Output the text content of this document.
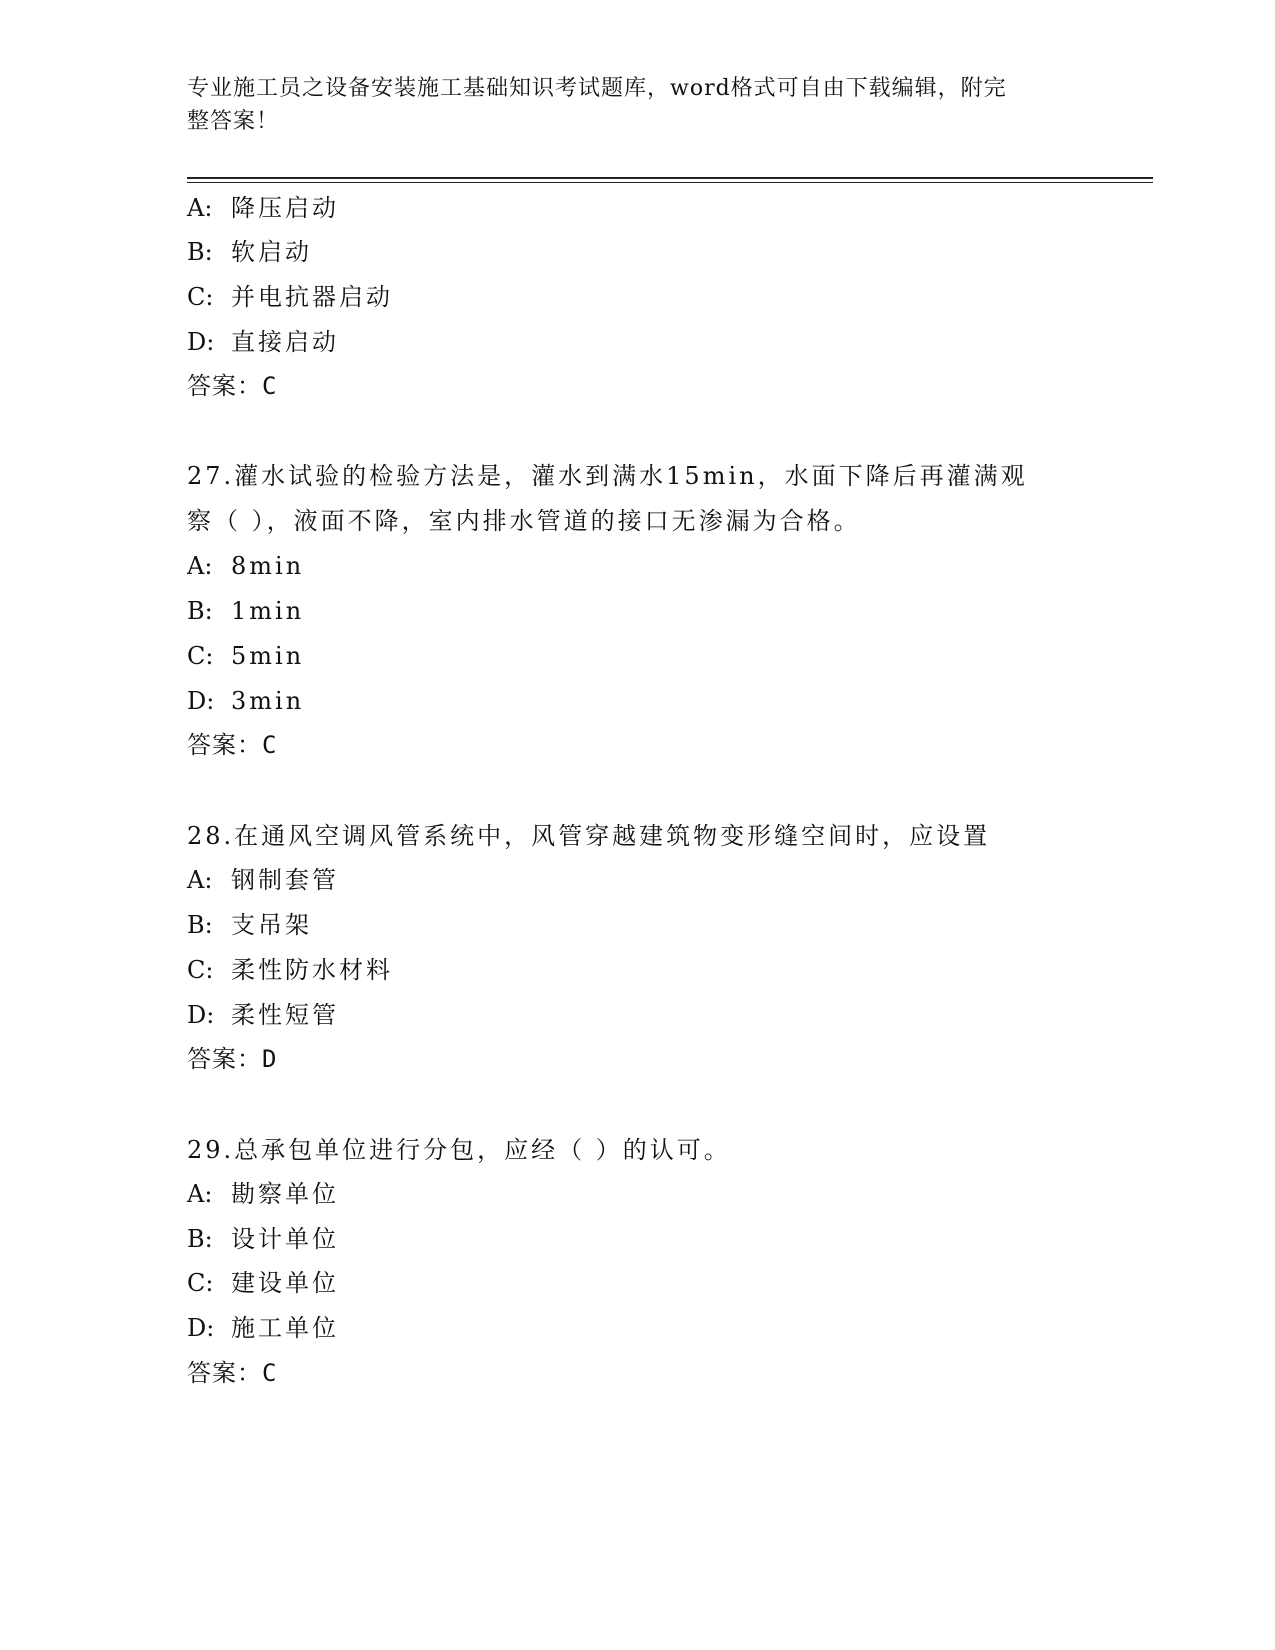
专业施工员之设备安装施工基础知识考试题库，word格式可自由下载编辑，附完
整答案！
A: 降压启动
B: 软启动
C: 并电抗器启动
D: 直接启动
答案：C
27.灌水试验的检验方法是，灌水到满水15min，水面下降后再灌满观
察（ ），液面不降，室内排水管道的接口无渗漏为合格。
A: 8min
B: 1min
C: 5min
D: 3min
答案：C
28.在通风空调风管系统中，风管穿越建筑物变形缝空间时，应设置
A: 钢制套管
B: 支吊架
C: 柔性防水材料
D: 柔性短管
答案：D
29.总承包单位进行分包，应经（ ）的认可。
A: 勘察单位
B: 设计单位
C: 建设单位
D: 施工单位
答案：C
